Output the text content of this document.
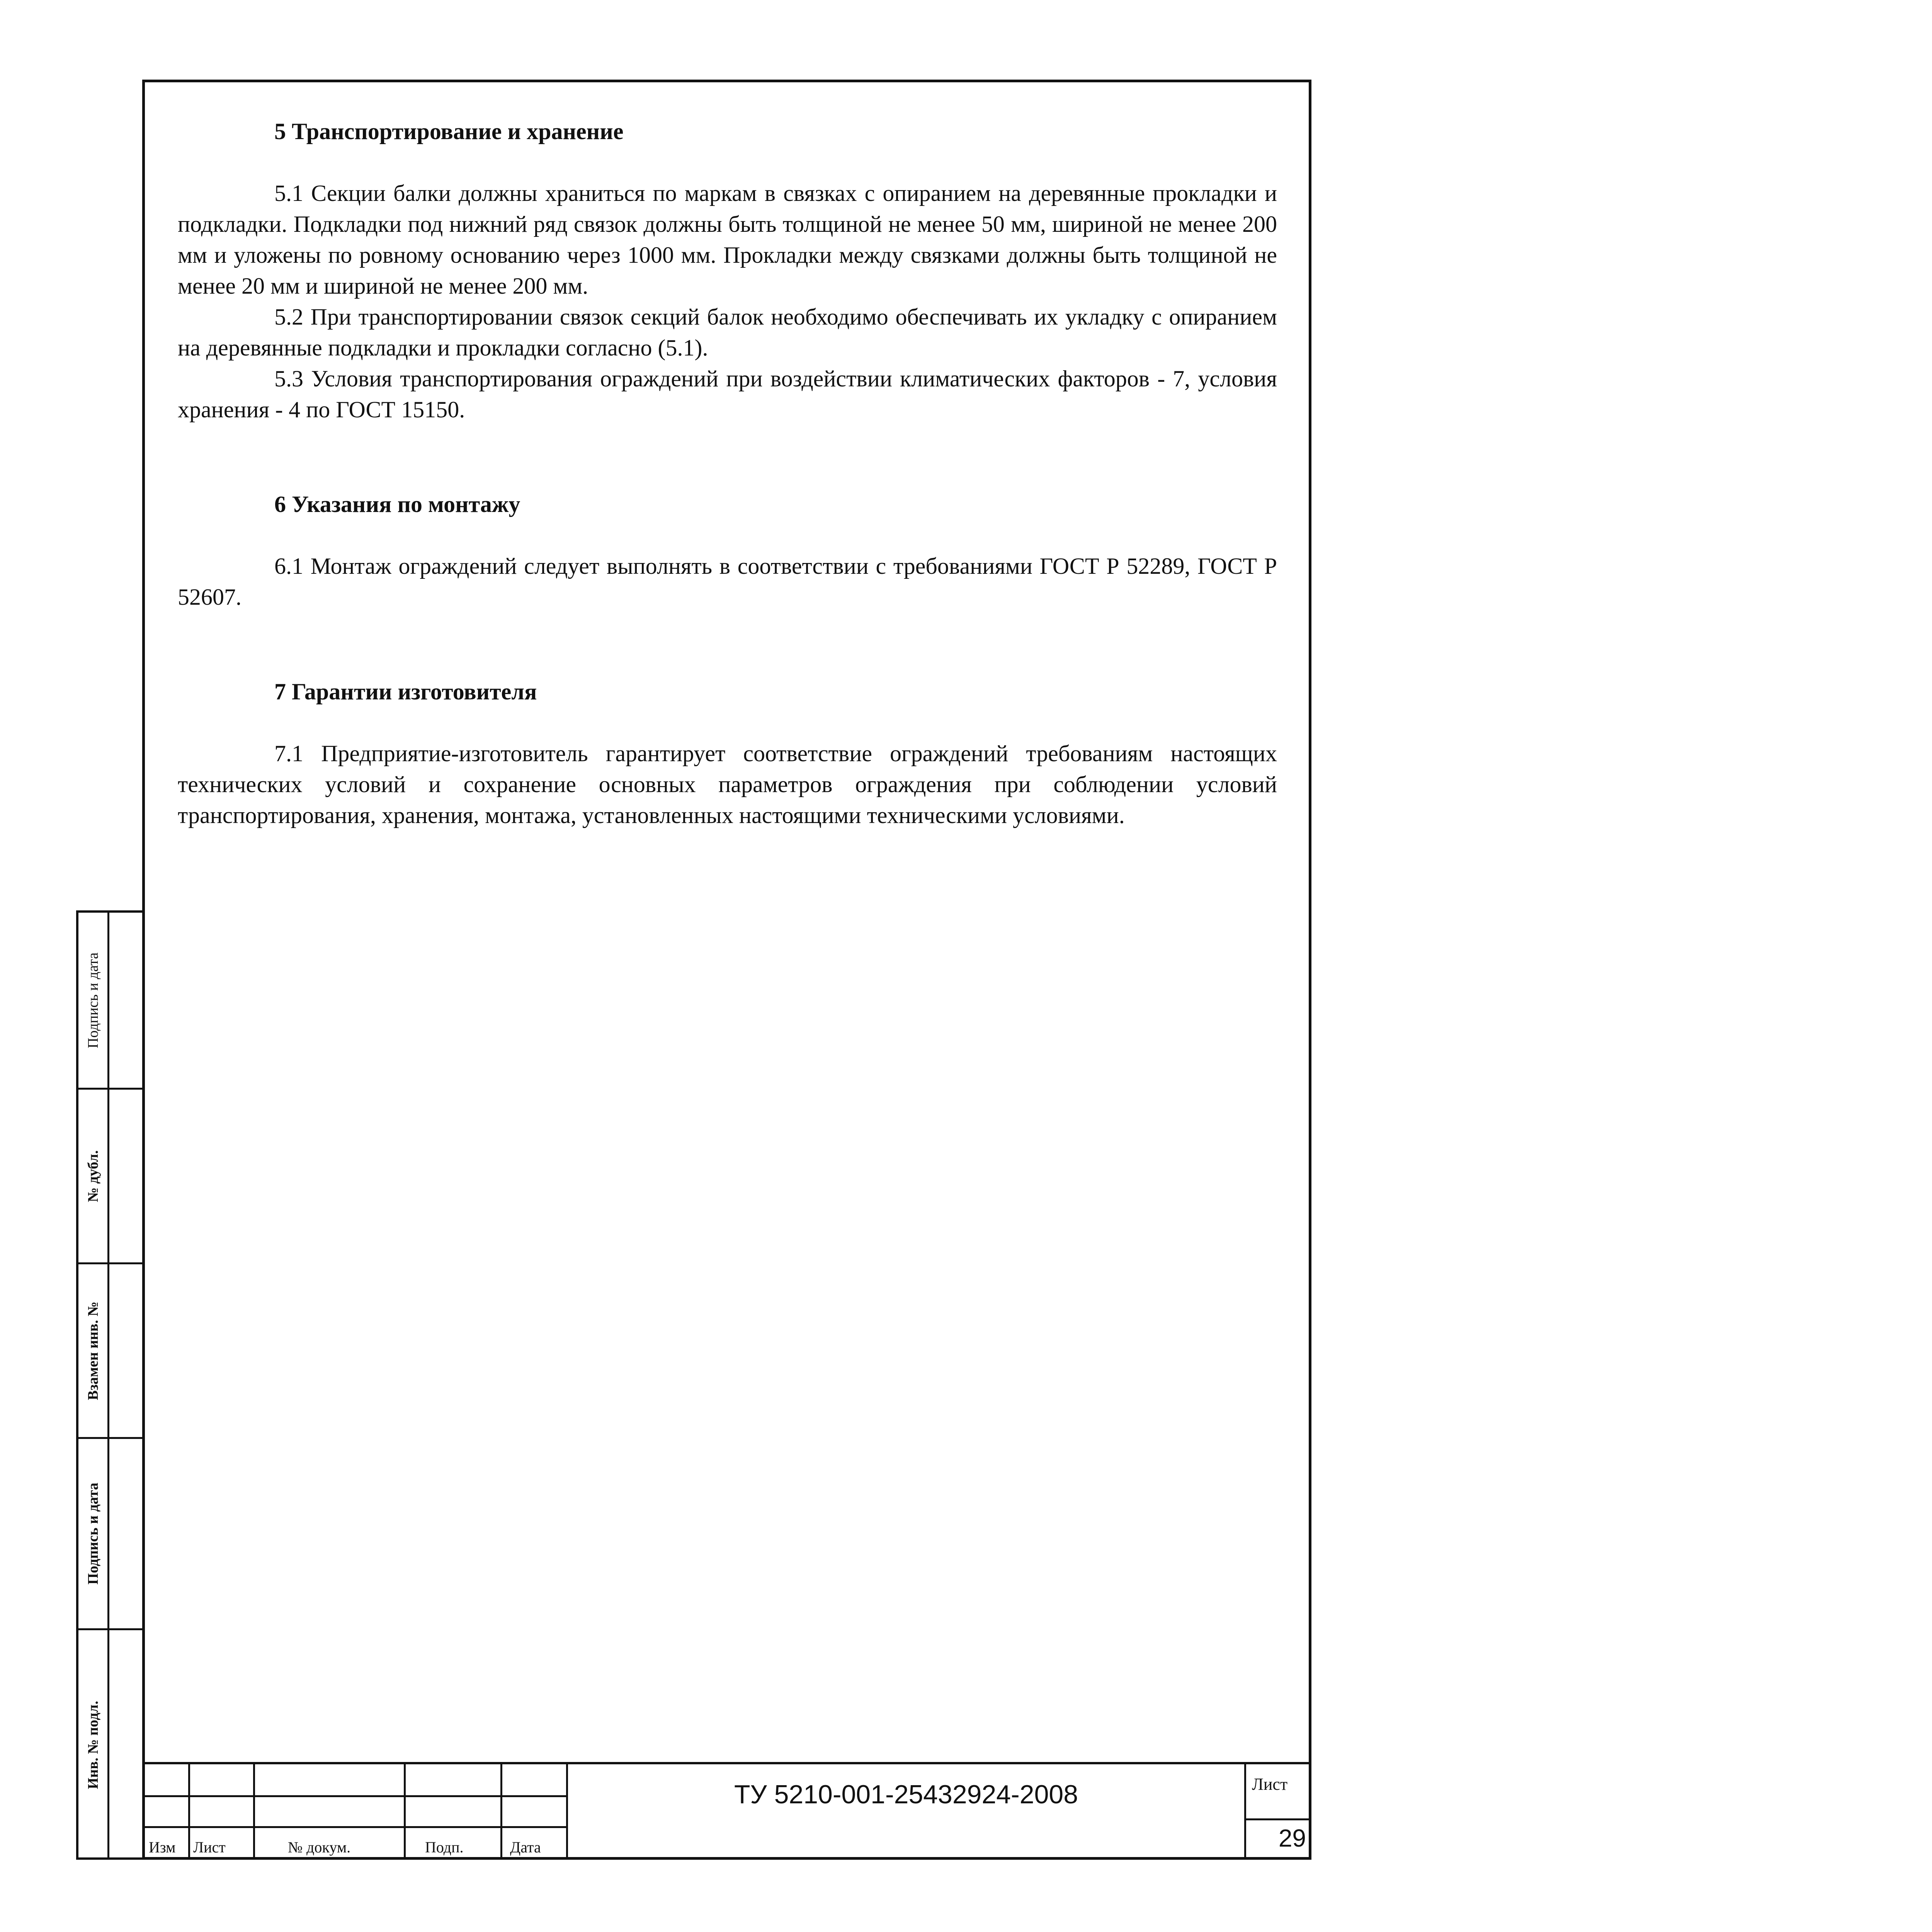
Подпись и дата
№ дубл.
Взамен инв. №
Подпись и дата
Инв. № подл.

5 Транспортирование и хранение

5.1 Секции балки должны храниться по маркам в связках с опиранием на деревянные прокладки и подкладки. Подкладки под нижний ряд связок должны быть толщиной не менее 50 мм, шириной не менее 200 мм и уложены по ровному основанию через 1000 мм. Прокладки между связками должны быть толщиной не менее 20 мм и шириной не менее 200 мм.

5.2 При транспортировании связок секций балок необходимо обеспечивать их укладку с опиранием на деревянные подкладки и прокладки согласно (5.1).

5.3 Условия транспортирования ограждений при воздействии климатических факторов - 7, условия хранения - 4 по ГОСТ 15150.

6 Указания по монтажу

6.1 Монтаж ограждений следует выполнять в соответствии с требованиями ГОСТ Р 52289, ГОСТ Р 52607.

7 Гарантии изготовителя

7.1 Предприятие-изготовитель гарантирует соответствие ограждений требованиям настоящих технических условий и сохранение основных параметров ограждения при соблюдении условий транспортирования, хранения, монтажа, установленных настоящими техническими условиями.

Изм Лист	№ докум.	Подп.	Дата
ТУ 5210-001-25432924-2008	Лист
29
